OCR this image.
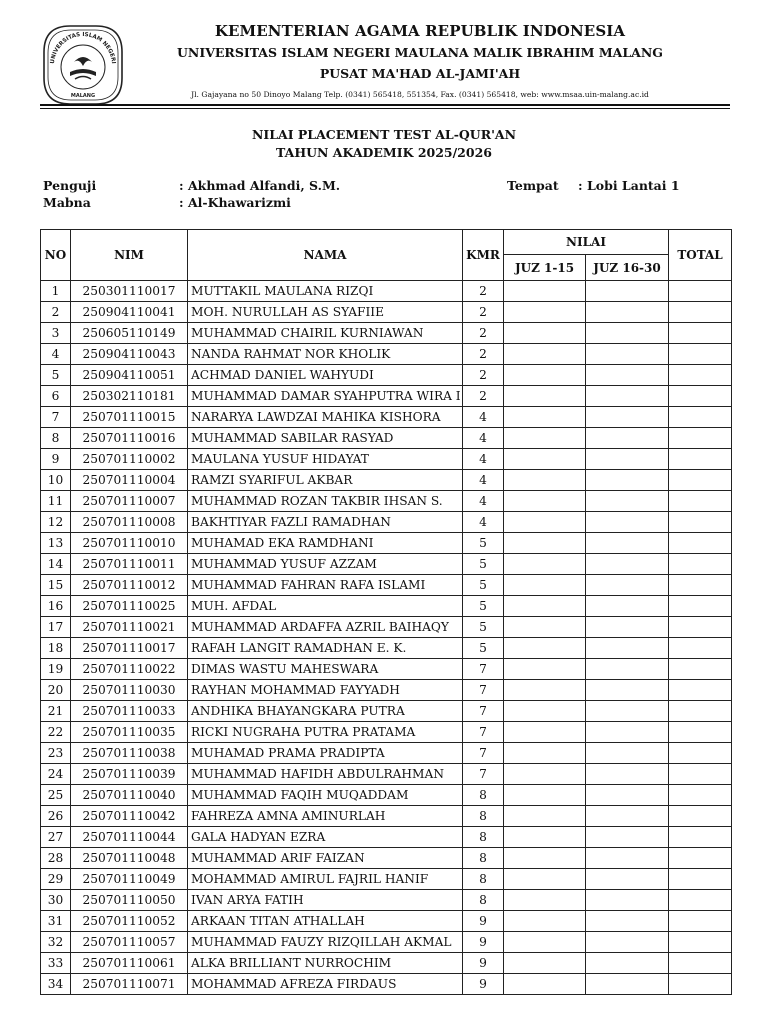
UNIVERSITAS ISLAM NEGERI
MALANG
KEMENTERIAN AGAMA REPUBLIK INDONESIA
UNIVERSITAS ISLAM NEGERI MAULANA MALIK IBRAHIM MALANG
PUSAT MA'HAD AL-JAMI'AH
Jl. Gajayana no 50 Dinoyo Malang Telp. (0341) 565418, 551354, Fax. (0341) 565418, web: www.msaa.uin-malang.ac.id
NILAI PLACEMENT TEST AL-QUR'AN
TAHUN AKADEMIK 2025/2026
Penguji	: Akhmad Alfandi, S.M.
Mabna	: Al-Khawarizmi
Tempat : Lobi Lantai 1
NO	NIM	NAMA	KMR	NILAI		TOTAL
				JUZ 1-15	JUZ 16-30	
1	250301110017	MUTTAKIL MAULANA RIZQI	2			
2	250904110041	MOH. NURULLAH AS SYAFIIE	2			
3	250605110149	MUHAMMAD CHAIRIL KURNIAWAN	2			
4	250904110043	NANDA RAHMAT NOR KHOLIK	2			
5	250904110051	ACHMAD DANIEL WAHYUDI	2			
6	250302110181	MUHAMMAD DAMAR SYAHPUTRA WIRA I	2			
7	250701110015	NARARYA LAWDZAI MAHIKA KISHORA	4			
8	250701110016	MUHAMMAD SABILAR RASYAD	4			
9	250701110002	MAULANA YUSUF HIDAYAT	4			
10	250701110004	RAMZI SYARIFUL AKBAR	4			
11	250701110007	MUHAMMAD ROZAN TAKBIR IHSAN S.	4			
12	250701110008	BAKHTIYAR FAZLI RAMADHAN	4			
13	250701110010	MUHAMAD EKA RAMDHANI	5			
14	250701110011	MUHAMMAD YUSUF AZZAM	5			
15	250701110012	MUHAMMAD FAHRAN RAFA ISLAMI	5			
16	250701110025	MUH. AFDAL	5			
17	250701110021	MUHAMMAD ARDAFFA AZRIL BAIHAQY	5			
18	250701110017	RAFAH LANGIT RAMADHAN E. K.	5			
19	250701110022	DIMAS WASTU MAHESWARA	7			
20	250701110030	RAYHAN MOHAMMAD FAYYADH	7			
21	250701110033	ANDHIKA BHAYANGKARA PUTRA	7			
22	250701110035	RICKI NUGRAHA PUTRA PRATAMA	7			
23	250701110038	MUHAMAD PRAMA PRADIPTA	7			
24	250701110039	MUHAMMAD HAFIDH ABDULRAHMAN	7			
25	250701110040	MUHAMMAD FAQIH MUQADDAM	8			
26	250701110042	FAHREZA AMNA AMINURLAH	8			
27	250701110044	GALA HADYAN EZRA	8			
28	250701110048	MUHAMMAD ARIF FAIZAN	8			
29	250701110049	MOHAMMAD AMIRUL FAJRIL HANIF	8			
30	250701110050	IVAN ARYA FATIH	8			
31	250701110052	ARKAAN TITAN ATHALLAH	9			
32	250701110057	MUHAMMAD FAUZY RIZQILLAH AKMAL	9			
33	250701110061	ALKA BRILLIANT NURROCHIM	9			
34	250701110071	MOHAMMAD AFREZA FIRDAUS	9			
